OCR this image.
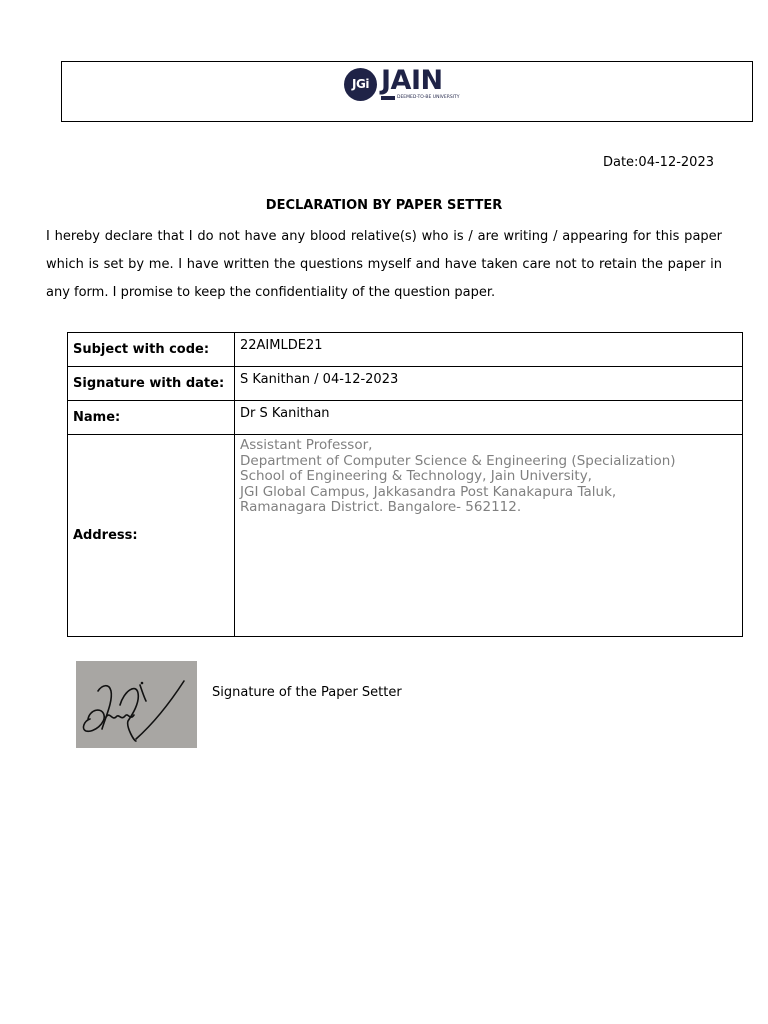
JGi JAIN
DEEMED-TO-BE UNIVERSITY
Date:04-12-2023
DECLARATION BY PAPER SETTER

I hereby declare that I do not have any blood relative(s) who is / are writing / appearing for this paper which is set by me. I have written the questions myself and have taken care not to retain the paper in any form. I promise to keep the confidentiality of the question paper.

Subject with code:	22AIMLDE21

Signature with date:	S Kanithan / 04-12-2023

Name:	Dr S Kanithan

Address:	Assistant Professor,
Department of Computer Science & Engineering (Specialization)
School of Engineering & Technology, Jain University,
JGI Global Campus, Jakkasandra Post Kanakapura Taluk,
Ramanagara District. Bangalore- 562112.
Signature of the Paper Setter
